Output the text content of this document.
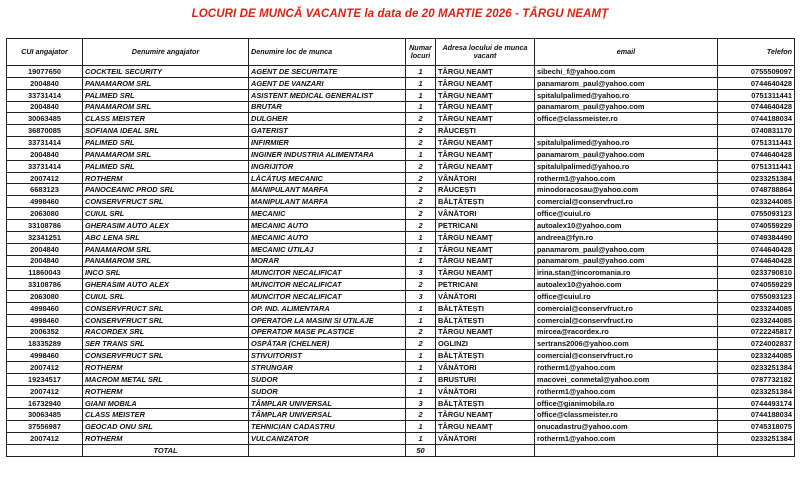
LOCURI DE MUNCĂ VACANTE la data de 20 MARTIE 2026 - TÂRGU NEAMȚ
CUI angajator	Denumire angajator	Denumire loc de munca	Numar locuri	Adresa locului de munca vacant	email	Telefon
19077650	COCKTEIL SECURITY	AGENT DE SECURITATE	1	TÂRGU NEAMȚ	sibechi_f@yahoo.com	0755509097
2004840	PANAMAROM SRL	AGENT DE VANZARI	1	TÂRGU NEAMȚ	panamarom_paul@yahoo.com	0744640428
33731414	PALIMED SRL	ASISTENT MEDICAL GENERALIST	1	TÂRGU NEAMȚ	spitalulpalimed@yahoo.ro	0751311441
2004840	PANAMAROM SRL	BRUTAR	1	TÂRGU NEAMȚ	panamarom_paul@yahoo.com	0744640428
30063485	CLASS MEISTER	DULGHER	2	TÂRGU NEAMȚ	office@classmeister.ro	0744188034
36870085	SOFIANA IDEAL SRL	GATERIST	2	RĂUCEȘTI		0740831170
33731414	PALIMED SRL	INFIRMIER	2	TÂRGU NEAMȚ	spitalulpalimed@yahoo.ro	0751311441
2004840	PANAMAROM SRL	INGINER INDUSTRIA ALIMENTARA	1	TÂRGU NEAMȚ	panamarom_paul@yahoo.com	0744640428
33731414	PALIMED SRL	INGRIJITOR	2	TÂRGU NEAMȚ	spitalulpalimed@yahoo.ro	0751311441
2007412	ROTHERM	LĂCĂTUȘ MECANIC	2	VÂNĂTORI	rotherm1@yahoo.com	0233251384
6683123	PANOCEANIC PROD SRL	MANIPULANT MARFA	2	RĂUCEȘTI	minodoracosau@yahoo.com	0748788864
4998460	CONSERVFRUCT SRL	MANIPULANT MARFA	2	BĂLȚĂTEȘTI	comercial@conservfruct.ro	0233244085
2063080	CUIUL SRL	MECANIC	2	VÂNĂTORI	office@cuiul.ro	0755093123
33108786	GHERASIM AUTO ALEX	MECANIC AUTO	2	PETRICANI	autoalex10@yahoo.com	0740559229
32341251	ABC LENA SRL	MECANIC AUTO	1	TÂRGU NEAMȚ	andreea@fyn.ro	0749384490
2004840	PANAMAROM SRL	MECANIC UTILAJ	1	TÂRGU NEAMȚ	panamarom_paul@yahoo.com	0744640428
2004840	PANAMAROM SRL	MORAR	1	TÂRGU NEAMȚ	panamarom_paul@yahoo.com	0744640428
11860043	INCO SRL	MUNCITOR NECALIFICAT	3	TÂRGU NEAMȚ	irina.stan@incoromania.ro	0233790810
33108786	GHERASIM AUTO ALEX	MUNCITOR NECALIFICAT	2	PETRICANI	autoalex10@yahoo.com	0740559229
2063080	CUIUL SRL	MUNCITOR NECALIFICAT	3	VÂNĂTORI	office@cuiul.ro	0755093123
4998460	CONSERVFRUCT SRL	OP. IND. ALIMENTARA	1	BĂLȚĂTEȘTI	comercial@conservfruct.ro	0233244085
4998460	CONSERVFRUCT SRL	OPERATOR LA MASINI SI UTILAJE	1	BĂLȚĂTEȘTI	comercial@conservfruct.ro	0233244085
2006352	RACORDEX SRL	OPERATOR MASE PLASTICE	2	TÂRGU NEAMȚ	mircea@racordex.ro	0722245817
18335289	SER TRANS SRL	OSPĂTAR (CHELNER)	2	OGLINZI	sertrans2006@yahoo.com	0724002837
4998460	CONSERVFRUCT SRL	STIVUITORIST	1	BĂLȚĂTEȘTI	comercial@conservfruct.ro	0233244085
2007412	ROTHERM	STRUNGAR	1	VÂNĂTORI	rotherm1@yahoo.com	0233251384
19234517	MACROM METAL SRL	SUDOR	1	BRUSTURI	macovei_conmetal@yahoo.com	0787732182
2007412	ROTHERM	SUDOR	1	VÂNĂTORI	rotherm1@yahoo.com	0233251384
16732940	GIANI MOBILA	TÂMPLAR UNIVERSAL	3	BĂLȚĂTEȘTI	office@gianimobila.ro	0744493174
30063485	CLASS MEISTER	TÂMPLAR UNIVERSAL	2	TÂRGU NEAMȚ	office@classmeister.ro	0744188034
37556987	GEOCAD ONU SRL	TEHNICIAN CADASTRU	1	TÂRGU NEAMȚ	onucadastru@yahoo.com	0745318075
2007412	ROTHERM	VULCANIZATOR	1	VÂNĂTORI	rotherm1@yahoo.com	0233251384
	TOTAL		50			
